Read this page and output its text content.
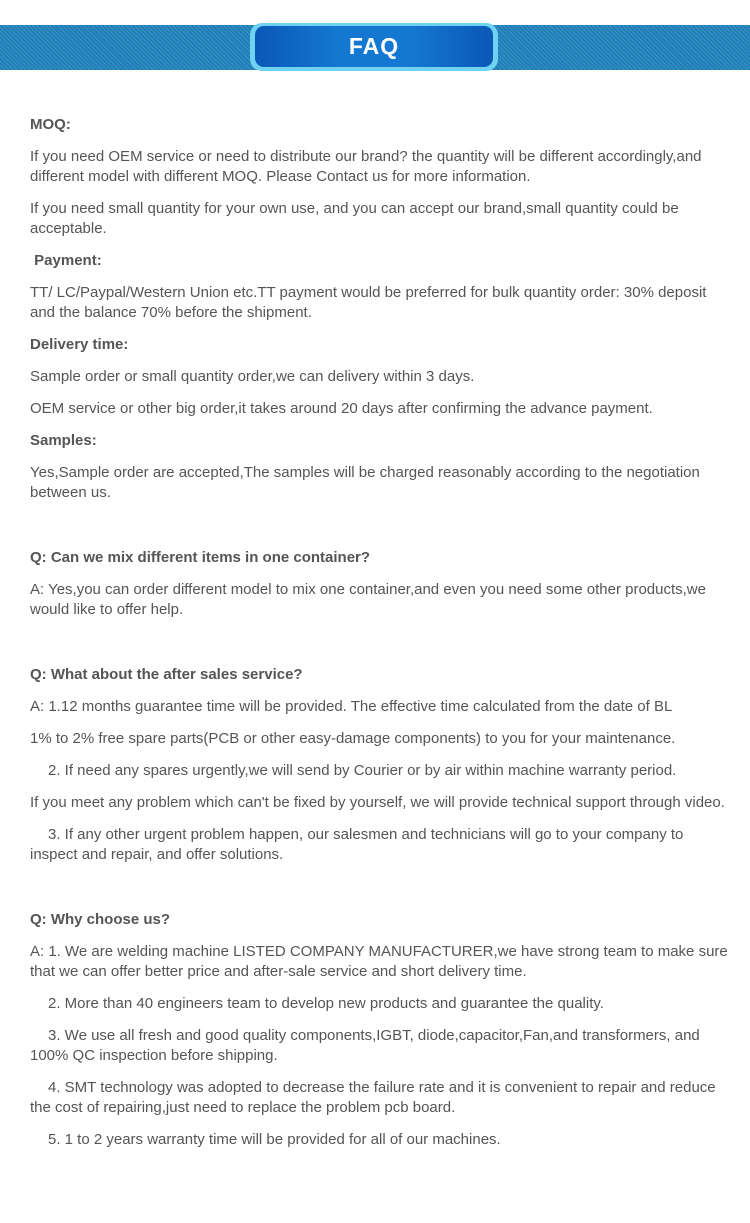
FAQ

MOQ:

If you need OEM service or need to distribute our brand? the quantity will be different accordingly,and different model with different MOQ. Please Contact us for more information.

If you need small quantity for your own use, and you can accept our brand,small quantity could be acceptable.

Payment:

TT/ LC/Paypal/Western Union etc.TT payment would be preferred for bulk quantity order: 30% deposit and the balance 70% before the shipment.

Delivery time:

Sample order or small quantity order,we can delivery within 3 days.

OEM service or other big order,it takes around 20 days after confirming the advance payment.

Samples:

Yes,Sample order are accepted,The samples will be charged reasonably according to the negotiation between us.

Q: Can we mix different items in one container?

A: Yes,you can order different model to mix one container,and even you need some other products,we would like to offer help.

Q: What about the after sales service?

A: 1.12 months guarantee time will be provided. The effective time calculated from the date of BL

1% to 2% free spare parts(PCB or other easy-damage components) to you for your maintenance.

2. If need any spares urgently,we will send by Courier or by air within machine warranty period.

If you meet any problem which can't be fixed by yourself, we will provide technical support through video.

3. If any other urgent problem happen, our salesmen and technicians will go to your company to inspect and repair, and offer solutions.

Q: Why choose us?

A: 1. We are welding machine LISTED COMPANY MANUFACTURER,we have strong team to make sure that we can offer better price and after-sale service and short delivery time.

2. More than 40 engineers team to develop new products and guarantee the quality.

3. We use all fresh and good quality components,IGBT, diode,capacitor,Fan,and transformers, and 100% QC inspection before shipping.

4. SMT technology was adopted to decrease the failure rate and it is convenient to repair and reduce the cost of repairing,just need to replace the problem pcb board.

5. 1 to 2 years warranty time will be provided for all of our machines.
